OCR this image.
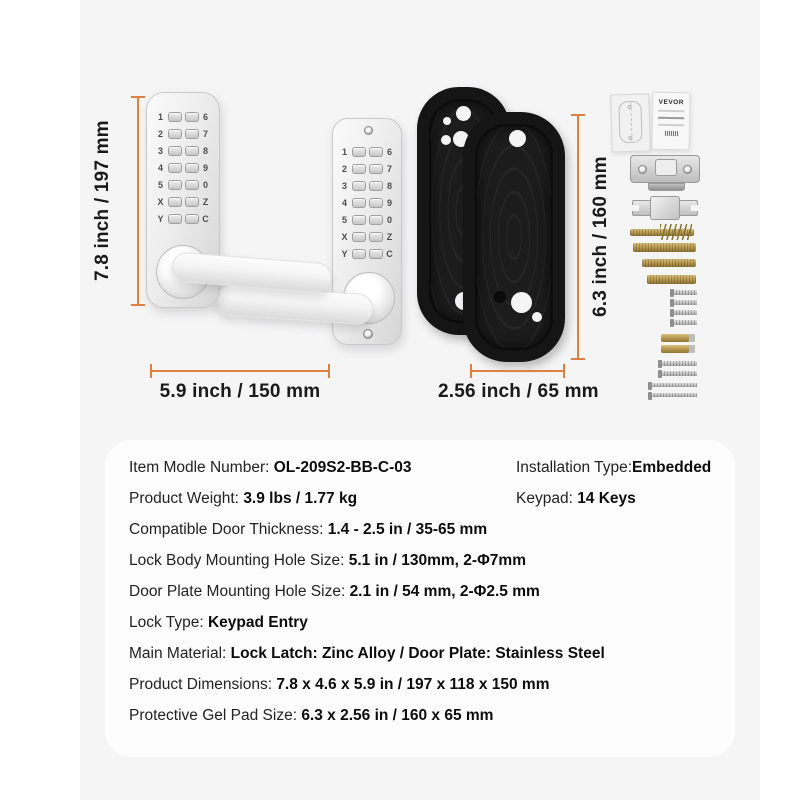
1	6
2	7
3	8
4	9
5	0
X	Z
Y	C
1	6
2	7
3	8
4	9
5	0
X	Z
Y	C
7.8 inch / 197 mm
5.9 inch / 150 mm
6.3 inch / 160 mm
2.56 inch / 65 mm
VEVOR
Item Modle Number: OL-209S2-BB-C-03	Installation Type:Embedded
Product Weight: 3.9 lbs / 1.77 kg	Keypad: 14 Keys
Compatible Door Thickness: 1.4 - 2.5 in / 35-65 mm
Lock Body Mounting Hole Size: 5.1 in / 130mm, 2-Φ7mm
Door Plate Mounting Hole Size: 2.1 in / 54 mm, 2-Φ2.5 mm
Lock Type: Keypad Entry
Main Material: Lock Latch: Zinc Alloy / Door Plate: Stainless Steel
Product Dimensions: 7.8 x 4.6 x 5.9 in / 197 x 118 x 150 mm
Protective Gel Pad Size: 6.3 x 2.56 in / 160 x 65 mm
